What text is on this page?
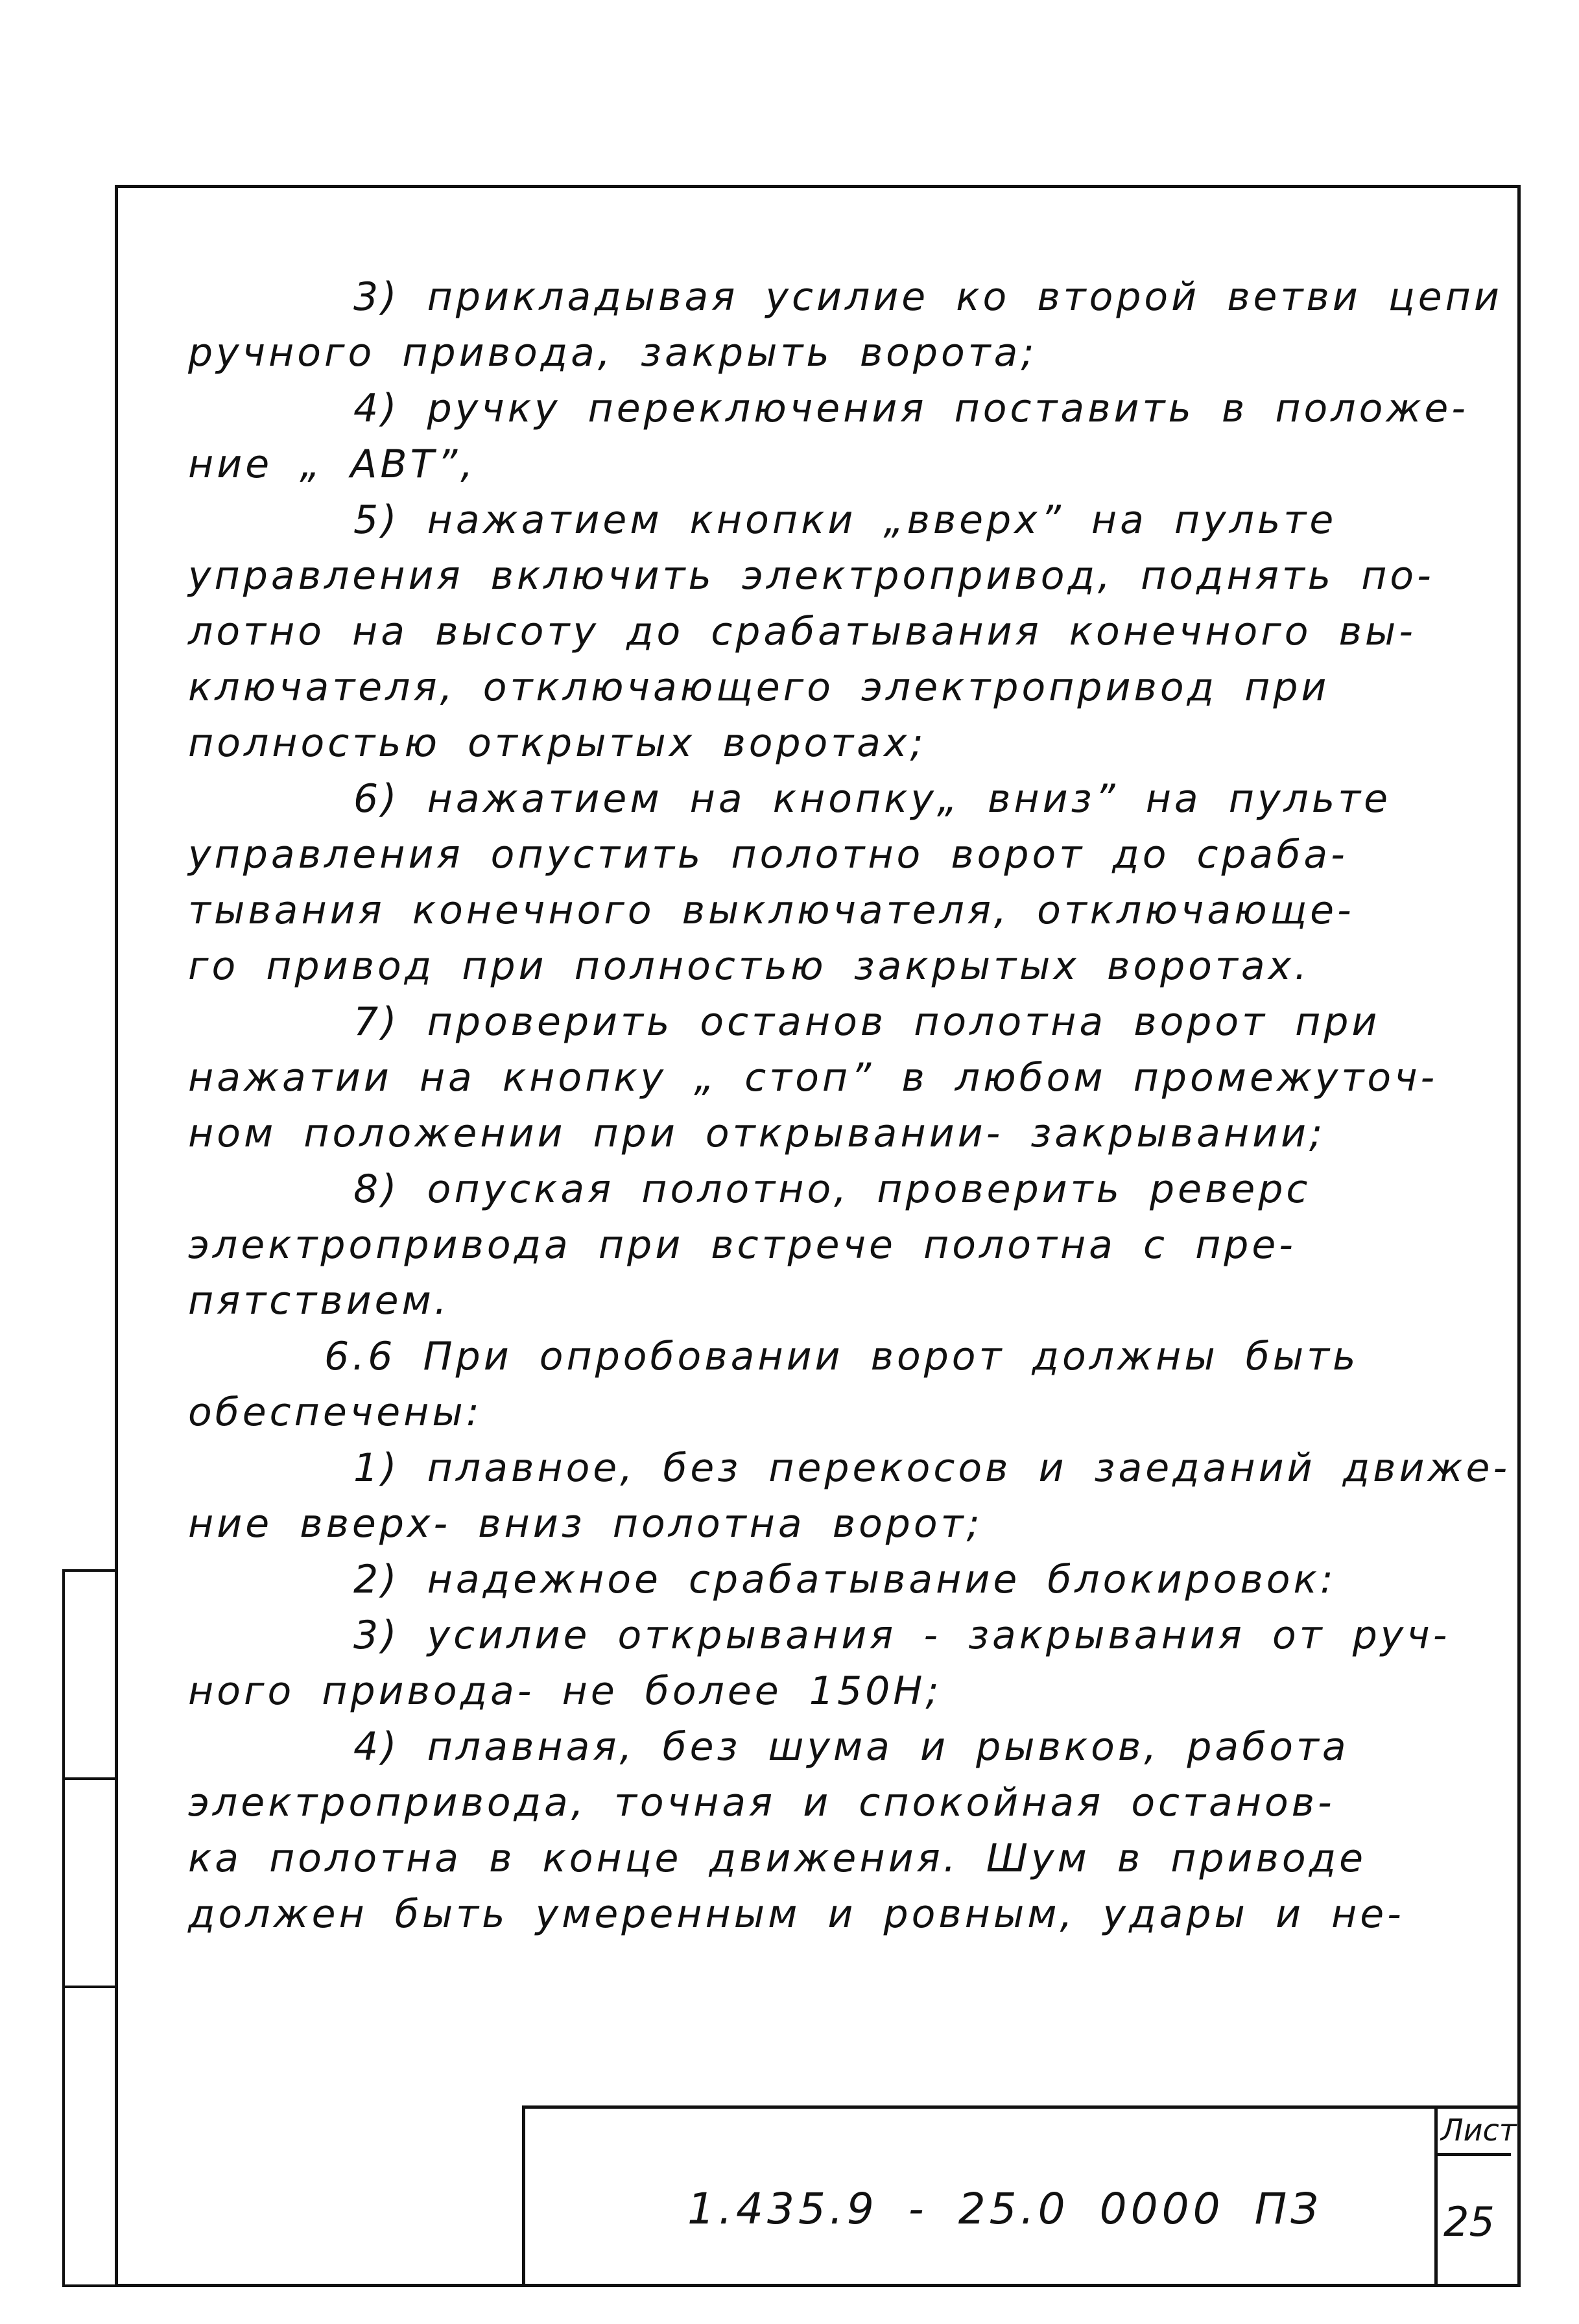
3) прикладывая усилие ко второй ветви цепи
ручного привода, закрыть ворота;
4) ручку переключения поставить в положе-
ние „ АВТ”,
5) нажатием кнопки „вверх” на пульте
управления включить электропривод, поднять по-
лотно на высоту до срабатывания конечного вы-
ключателя, отключающего электропривод при
полностью открытых воротах;
6) нажатием на кнопку„ вниз” на пульте
управления опустить полотно ворот до сраба-
тывания конечного выключателя, отключающе-
го привод при полностью закрытых воротах.
7) проверить останов полотна ворот при
нажатии на кнопку „ стоп” в любом промежуточ-
ном положении при открывании- закрывании;
8) опуская полотно, проверить реверс
электропривода при встрече полотна с пре-
пятствием.
6.6 При опробовании ворот должны быть
обеспечены:
1) плавное, без перекосов и заеданий движе-
ние вверх- вниз полотна ворот;
2) надежное срабатывание блокировок:
3) усилие открывания - закрывания от руч-
ного привода- не более 150Н;
4) плавная, без шума и рывков, работа
электропривода, точная и спокойная останов-
ка полотна в конце движения. Шум в приводе
должен быть умеренным и ровным, удары и не-
1.435.9 - 25.0 0000 ПЗ
Лист
25
